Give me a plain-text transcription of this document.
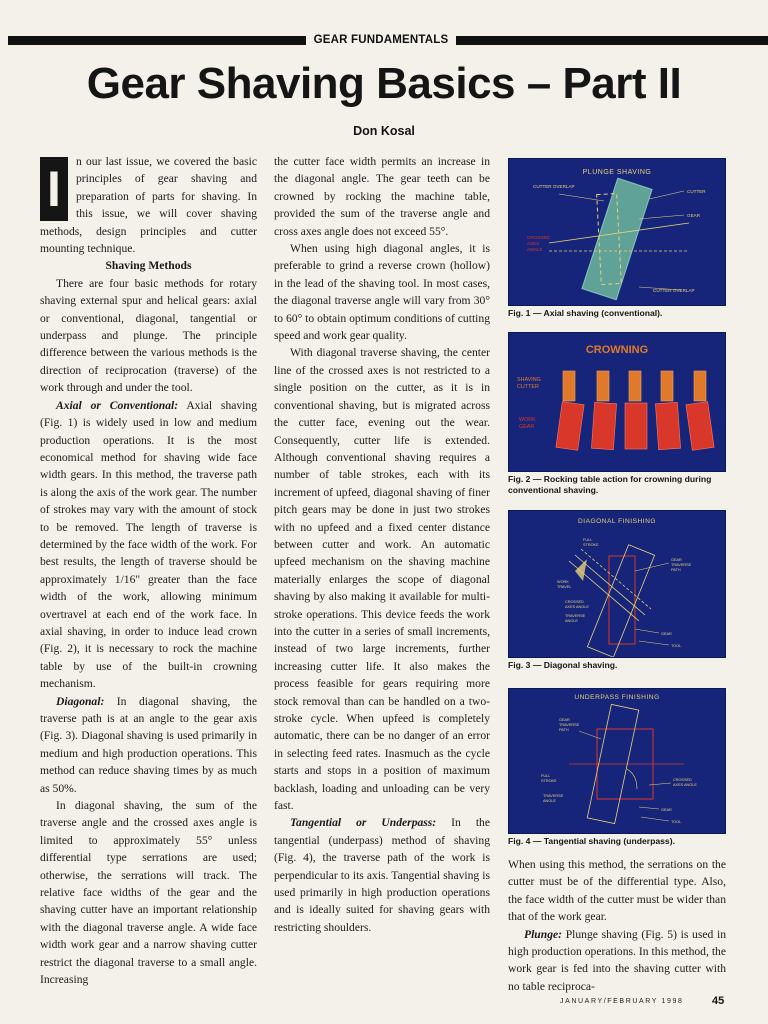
GEAR FUNDAMENTALS
Gear Shaving Basics – Part II
Don Kosal
I	n our last issue, we covered the basic principles of gear shaving and preparation of parts for shaving. In this issue, we will cover shaving methods, design principles and cutter mounting technique.

Shaving Methods

There are four basic methods for rotary shaving external spur and helical gears: axial or conventional, diagonal, tangential or underpass and plunge. The principle difference between the various methods is the direction of reciprocation (traverse) of the work through and under the tool.

Axial or Conventional: Axial shaving (Fig. 1) is widely used in low and medium production operations. It is the most economical method for shaving wide face width gears. In this method, the traverse path is along the axis of the work gear. The number of strokes may vary with the amount of stock to be removed. The length of traverse is determined by the face width of the work. For best results, the length of traverse should be approximately 1/16" greater than the face width of the work, allowing minimum overtravel at each end of the work face. In axial shaving, in order to induce lead crown (Fig. 2), it is necessary to rock the machine table by use of the built-in crowning mechanism.

Diagonal: In diagonal shaving, the traverse path is at an angle to the gear axis (Fig. 3). Diagonal shaving is used primarily in medium and high production operations. This method can reduce shaving times by as much as 50%.

In diagonal shaving, the sum of the traverse angle and the crossed axes angle is limited to approximately 55° unless differential type serrations are used; otherwise, the serrations will track. The relative face widths of the gear and the shaving cutter have an important relationship with the diagonal traverse angle. A wide face width work gear and a narrow shaving cutter restrict the diagonal traverse to a small angle. Increasing

the cutter face width permits an increase in the diagonal angle. The gear teeth can be crowned by rocking the machine table, provided the sum of the traverse angle and cross axes angle does not exceed 55°.

When using high diagonal angles, it is preferable to grind a reverse crown (hollow) in the lead of the shaving tool. In most cases, the diagonal traverse angle will vary from 30° to 60° to obtain optimum conditions of cutting speed and work gear quality.

With diagonal traverse shaving, the center line of the crossed axes is not restricted to a single position on the cutter, as it is in conventional shaving, but is migrated across the cutter face, evening out the wear. Consequently, cutter life is extended. Although conventional shaving requires a number of table strokes, each with its increment of upfeed, diagonal shaving of finer pitch gears may be done in just two strokes with no upfeed and a fixed center distance between cutter and work. An automatic upfeed mechanism on the shaving machine materially enlarges the scope of diagonal shaving by also making it available for multi-stroke operations. This device feeds the work into the cutter in a series of small increments, instead of two large increments, further increasing cutter life. It also makes the process feasible for gears requiring more stock removal than can be handled on a two-stroke cycle. When upfeed is completely automatic, there can be no danger of an error in selecting feed rates. Inasmuch as the cycle starts and stops in a position of maximum backlash, loading and unloading can be very fast.

Tangential or Underpass: In the tangential (underpass) method of shaving (Fig. 4), the traverse path of the work is perpendicular to its axis. Tangential shaving is used primarily in high production operations and is ideally suited for shaving gears with restricting shoulders.

PLUNGE SHAVING
CUTTER OVERLAP
CUTTER
GEAR
CROSSED
AXES
ANGLE
CUTTER OVERLAP
Fig. 1 — Axial shaving (conventional).
CROWNING
SHAVING
CUTTER
WORK
GEAR
Fig. 2 — Rocking table action for crowning during conventional shaving.
DIAGONAL FINISHING
FULL
STROKE
GEAR
TRAVERSE
PATH
WORK
TRAVEL
CROSSED
AXES ANGLE
TRAVERSE
ANGLE
GEAR
TOOL
Fig. 3 — Diagonal shaving.
UNDERPASS FINISHING
GEAR
TRAVERSE
PATH
FULL
STROKE	CROSSED
AXES ANGLE
TRAVERSE
ANGLE
GEAR
TOOL
Fig. 4 — Tangential shaving (underpass).

When using this method, the serrations on the cutter must be of the differential type. Also, the face width of the cutter must be wider than that of the work gear.

Plunge: Plunge shaving (Fig. 5) is used in high production operations. In this method, the work gear is fed into the shaving cutter with no table reciproca-

JANUARY/FEBRUARY 1998	45
